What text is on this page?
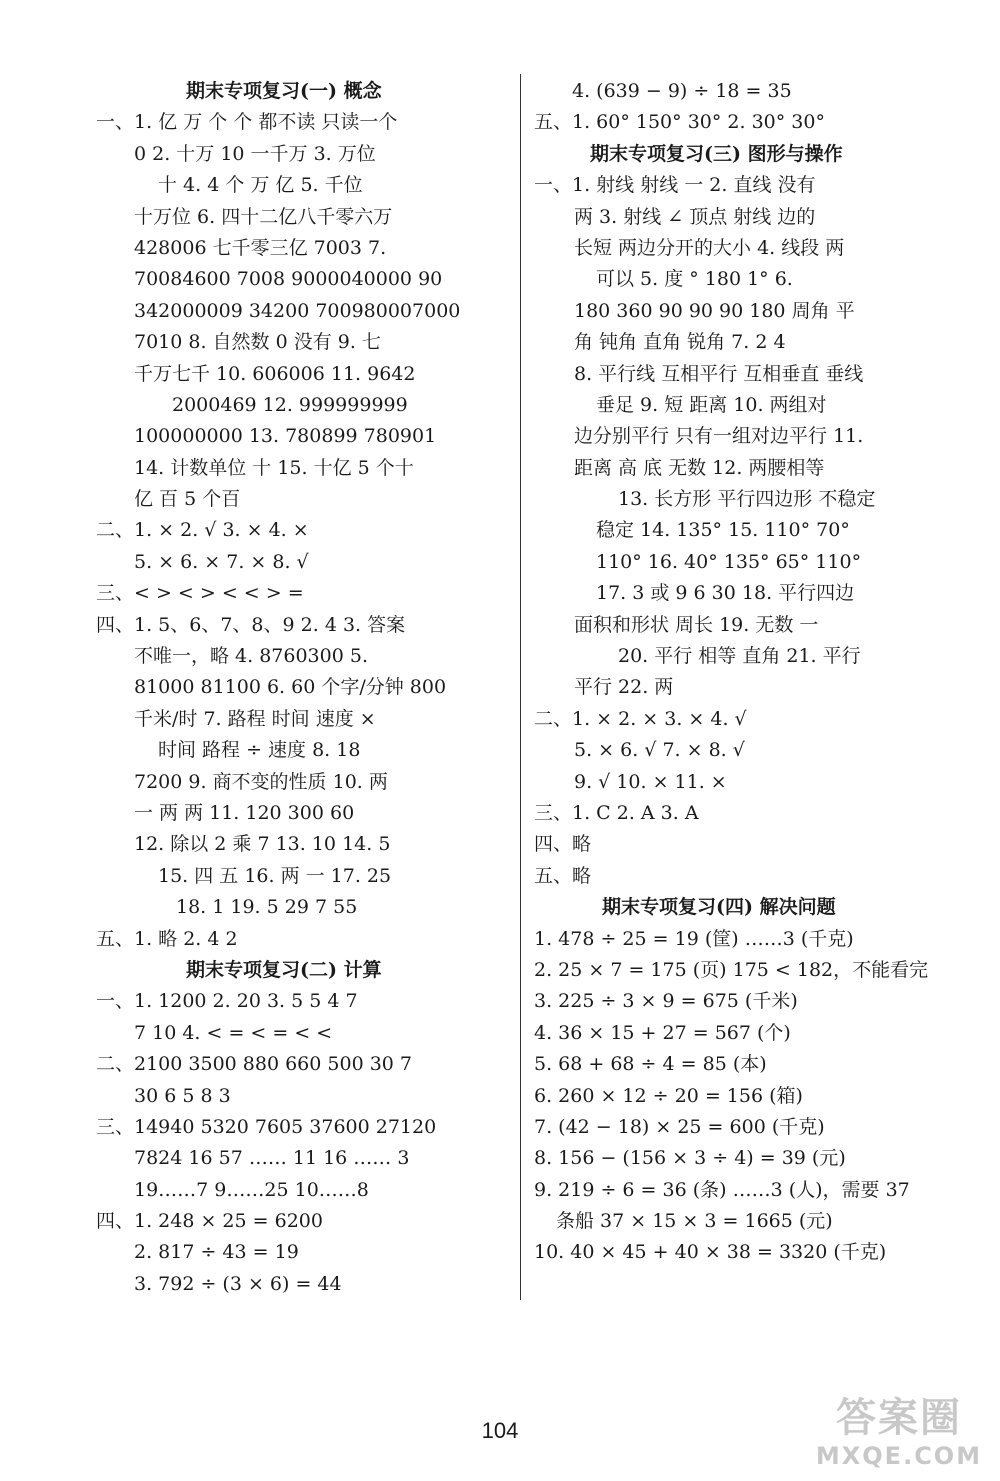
期末专项复习(一) 概念
一、1. 亿 万 个 个 都不读 只读一个
0 2. 十万 10 一千万 3. 万位
十 4. 4 个 万 亿 5. 千位
十万位 6. 四十二亿八千零六万
428006 七千零三亿 7003 7.
70084600 7008 9000040000 90
342000009 34200 700980007000
7010 8. 自然数 0 没有 9. 七
千万七千 10. 606006 11. 9642
2000469 12. 999999999
100000000 13. 780899 780901
14. 计数单位 十 15. 十亿 5 个十
亿 百 5 个百
二、1. × 2. √ 3. × 4. ×
5. × 6. × 7. × 8. √
三、< > < > < < > =
四、1. 5、6、7、8、9 2. 4 3. 答案
不唯一，略 4. 8760300 5.
81000 81100 6. 60 个字/分钟 800
千米/时 7. 路程 时间 速度 ×
时间 路程 ÷ 速度 8. 18
7200 9. 商不变的性质 10. 两
一 两 两 11. 120 300 60
12. 除以 2 乘 7 13. 10 14. 5
15. 四 五 16. 两 一 17. 25
18. 1 19. 5 29 7 55
五、1. 略 2. 4 2
期末专项复习(二) 计算
一、1. 1200 2. 20 3. 5 5 4 7
7 10 4. < = < = < <
二、2100 3500 880 660 500 30 7
30 6 5 8 3
三、14940 5320 7605 37600 27120
7824 16 57 …… 11 16 …… 3
19……7 9……25 10……8
四、1. 248 × 25 = 6200
2. 817 ÷ 43 = 19
3. 792 ÷ (3 × 6) = 44
4. (639 − 9) ÷ 18 = 35
五、1. 60° 150° 30° 2. 30° 30°
期末专项复习(三) 图形与操作
一、1. 射线 射线 一 2. 直线 没有
两 3. 射线 ∠ 顶点 射线 边的
长短 两边分开的大小 4. 线段 两
可以 5. 度 ° 180 1° 6.
180 360 90 90 90 180 周角 平
角 钝角 直角 锐角 7. 2 4
8. 平行线 互相平行 互相垂直 垂线
垂足 9. 短 距离 10. 两组对
边分别平行 只有一组对边平行 11.
距离 高 底 无数 12. 两腰相等
13. 长方形 平行四边形 不稳定
稳定 14. 135° 15. 110° 70°
110° 16. 40° 135° 65° 110°
17. 3 或 9 6 30 18. 平行四边
面积和形状 周长 19. 无数 一
20. 平行 相等 直角 21. 平行
平行 22. 两
二、1. × 2. × 3. × 4. √
5. × 6. √ 7. × 8. √
9. √ 10. × 11. ×
三、1. C 2. A 3. A
四、略
五、略
期末专项复习(四) 解决问题
1. 478 ÷ 25 = 19 (筐) ……3 (千克)
2. 25 × 7 = 175 (页) 175 < 182，不能看完
3. 225 ÷ 3 × 9 = 675 (千米)
4. 36 × 15 + 27 = 567 (个)
5. 68 + 68 ÷ 4 = 85 (本)
6. 260 × 12 ÷ 20 = 156 (箱)
7. (42 − 18) × 25 = 600 (千克)
8. 156 − (156 × 3 ÷ 4) = 39 (元)
9. 219 ÷ 6 = 36 (条) ……3 (人)，需要 37
条船 37 × 15 × 3 = 1665 (元)
10. 40 × 45 + 40 × 38 = 3320 (千克)
104	答案圈
MXQE.COM
